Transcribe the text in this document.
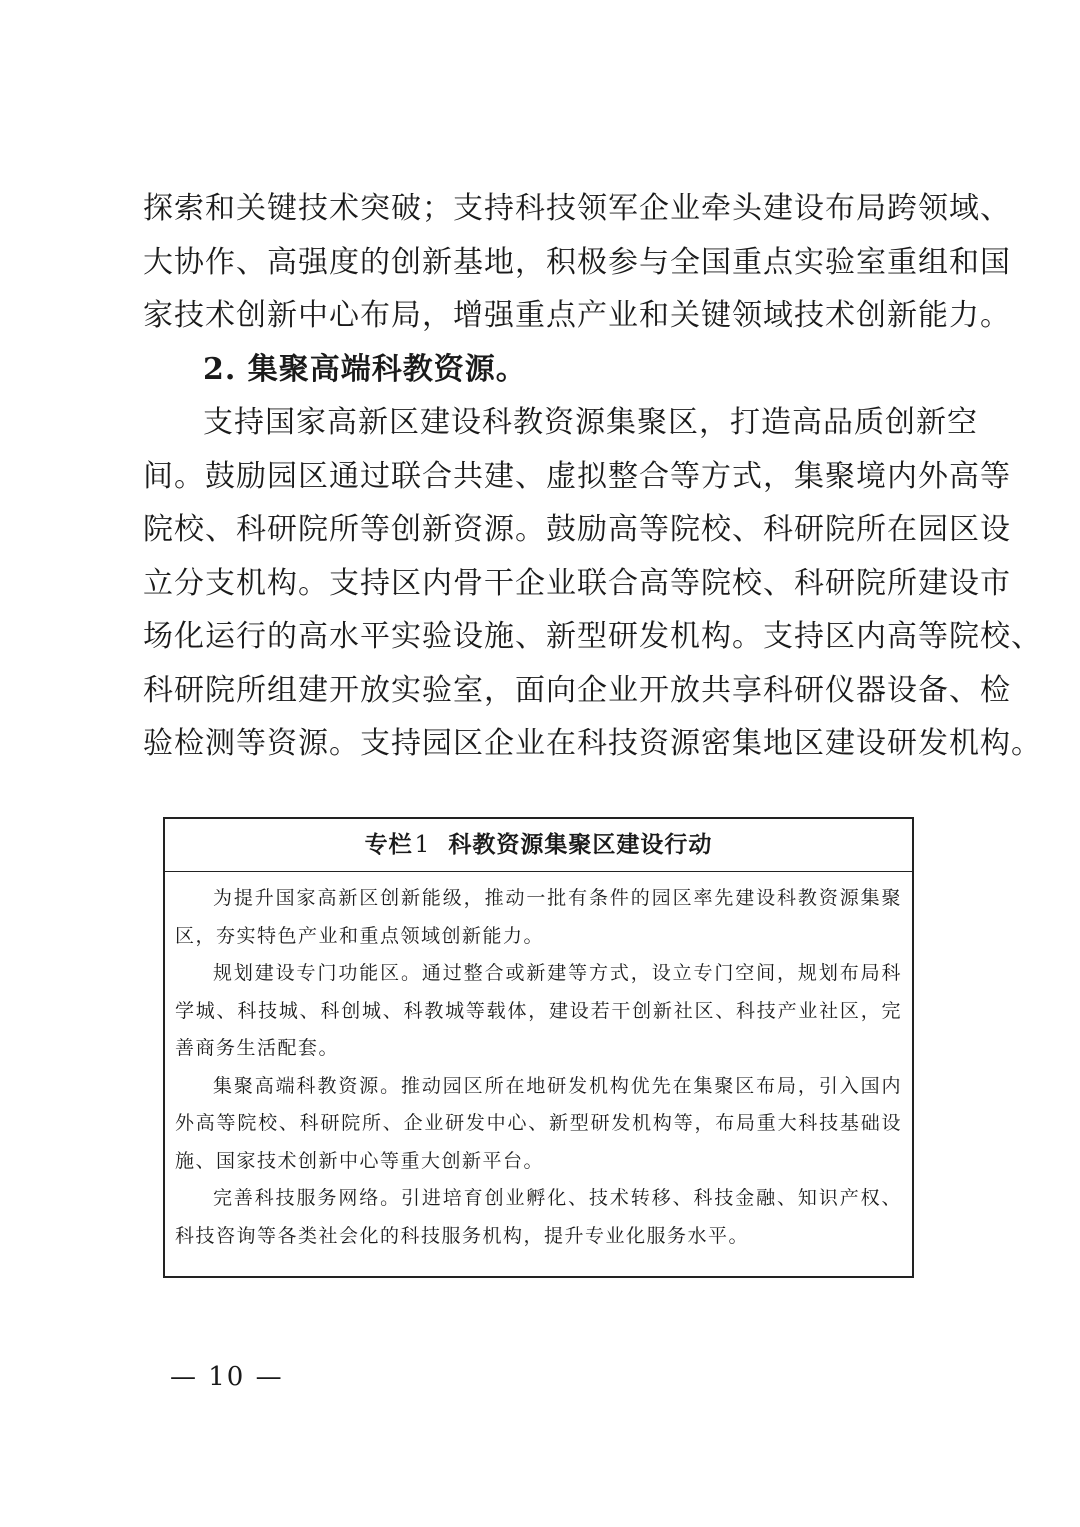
探索和关键技术突破；支持科技领军企业牵头建设布局跨领域、
大协作、高强度的创新基地，积极参与全国重点实验室重组和国
家技术创新中心布局，增强重点产业和关键领域技术创新能力。
2. 集聚高端科教资源。
支持国家高新区建设科教资源集聚区，打造高品质创新空
间。鼓励园区通过联合共建、虚拟整合等方式，集聚境内外高等
院校、科研院所等创新资源。鼓励高等院校、科研院所在园区设
立分支机构。支持区内骨干企业联合高等院校、科研院所建设市
场化运行的高水平实验设施、新型研发机构。支持区内高等院校、
科研院所组建开放实验室，面向企业开放共享科研仪器设备、检
验检测等资源。支持园区企业在科技资源密集地区建设研发机构。
专栏1 科教资源集聚区建设行动
为提升国家高新区创新能级，推动一批有条件的园区率先建设科教资源集聚
区，夯实特色产业和重点领域创新能力。
规划建设专门功能区。通过整合或新建等方式，设立专门空间，规划布局科
学城、科技城、科创城、科教城等载体，建设若干创新社区、科技产业社区，完
善商务生活配套。
集聚高端科教资源。推动园区所在地研发机构优先在集聚区布局，引入国内
外高等院校、科研院所、企业研发中心、新型研发机构等，布局重大科技基础设
施、国家技术创新中心等重大创新平台。
完善科技服务网络。引进培育创业孵化、技术转移、科技金融、知识产权、
科技咨询等各类社会化的科技服务机构，提升专业化服务水平。
— 10 —
